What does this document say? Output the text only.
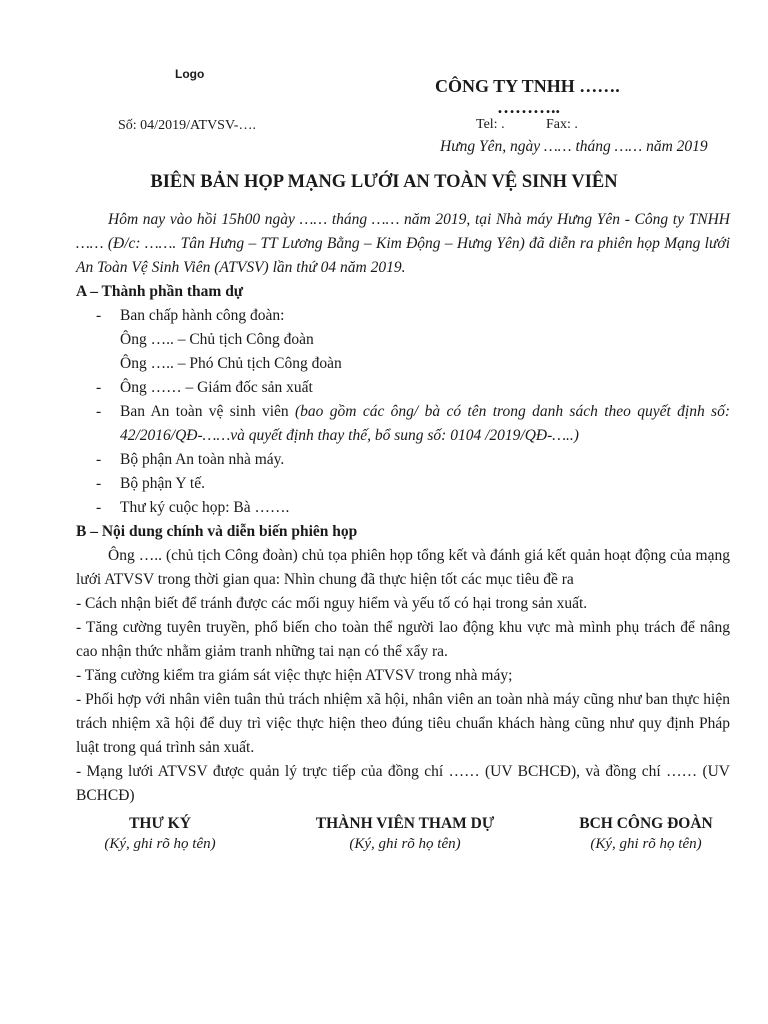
Logo
CÔNG TY TNHH …….
………..
Số: 04/2019/ATVSV-….	Tel: .	Fax: .
Hưng Yên, ngày …… tháng …… năm 2019
BIÊN BẢN HỌP MẠNG LƯỚI AN TOÀN VỆ SINH VIÊN

Hôm nay vào hồi 15h00 ngày …… tháng …… năm 2019, tại Nhà máy Hưng Yên - Công ty TNHH …… (Đ/c: ……. Tân Hưng – TT Lương Bằng – Kim Động – Hưng Yên) đã diễn ra phiên họp Mạng lưới An Toàn Vệ Sinh Viên (ATVSV) lần thứ 04 năm 2019.

A – Thành phần tham dự

- Ban chấp hành công đoàn:

Ông ….. – Chủ tịch Công đoàn

Ông ….. – Phó Chủ tịch Công đoàn

- Ông …… – Giám đốc sản xuất

- Ban An toàn vệ sinh viên (bao gồm các ông/ bà có tên trong danh sách theo quyết định số: 42/2016/QĐ-……và quyết định thay thế, bổ sung số: 0104 /2019/QĐ-…..)

- Bộ phận An toàn nhà máy.

- Bộ phận Y tế.

- Thư ký cuộc họp: Bà …….

B – Nội dung chính và diễn biến phiên họp

Ông ….. (chủ tịch Công đoàn) chủ tọa phiên họp tổng kết và đánh giá kết quản hoạt động của mạng lưới ATVSV trong thời gian qua: Nhìn chung đã thực hiện tốt các mục tiêu đề ra

- Cách nhận biết để tránh được các mối nguy hiểm và yếu tố có hại trong sản xuất.

- Tăng cường tuyên truyền, phổ biến cho toàn thể người lao động khu vực mà mình phụ trách để nâng cao nhận thức nhằm giảm tranh những tai nạn có thể xẩy ra.

- Tăng cường kiểm tra giám sát việc thực hiện ATVSV trong nhà máy;

- Phối hợp với nhân viên tuân thủ trách nhiệm xã hội, nhân viên an toàn nhà máy cũng như ban thực hiện trách nhiệm xã hội để duy trì việc thực hiện theo đúng tiêu chuẩn khách hàng cũng như quy định Pháp luật trong quá trình sản xuất.

- Mạng lưới ATVSV được quản lý trực tiếp của đồng chí …… (UV BCHCĐ), và đồng chí …… (UV BCHCĐ)

THƯ KÝ
(Ký, ghi rõ họ tên)
THÀNH VIÊN THAM DỰ
(Ký, ghi rõ họ tên)
BCH CÔNG ĐOÀN
(Ký, ghi rõ họ tên)
